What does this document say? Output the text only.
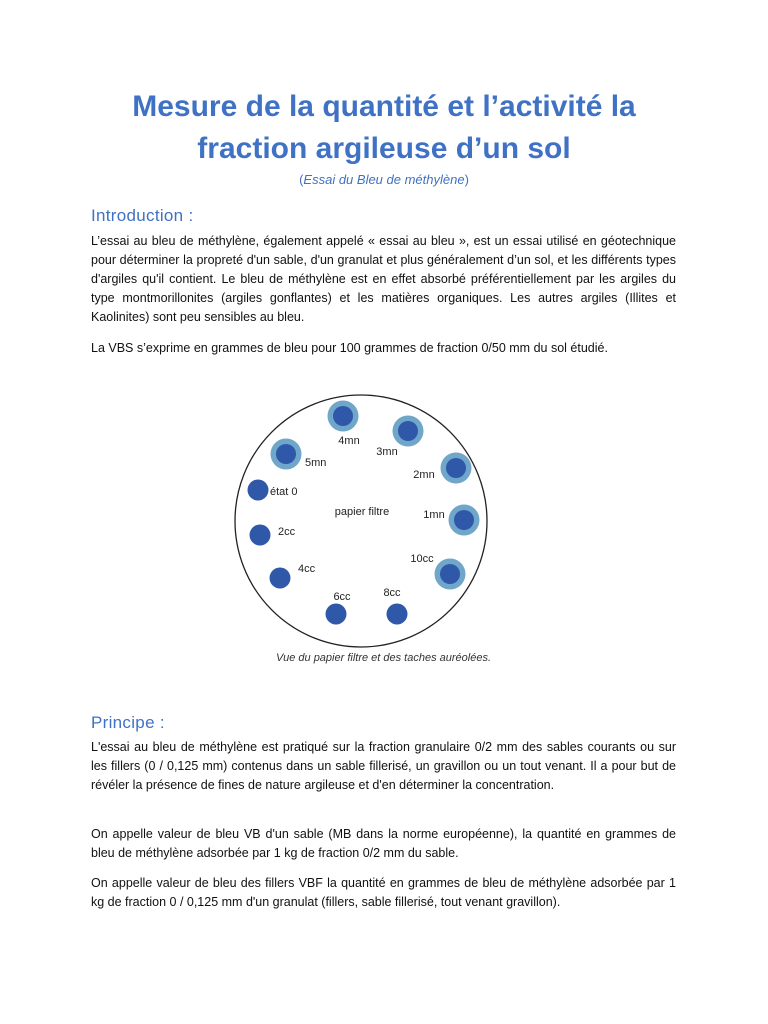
Mesure de la quantité et l’activité la
fraction argileuse d’un sol
(Essai du Bleu de méthylène)
Introduction :
L’essai au bleu de méthylène, également appelé « essai au bleu », est un essai utilisé en géotechnique pour déterminer la propreté d'un sable, d'un granulat et plus généralement d’un sol, et les différents types d'argiles qu'il contient. Le bleu de méthylène est en effet absorbé préférentiellement par les argiles du type montmorillonites (argiles gonflantes) et les matières organiques. Les autres argiles (Illites et Kaolinites) sont peu sensibles au bleu.
La VBS s’exprime en grammes de bleu pour 100 grammes de fraction 0/50 mm du sol étudié.
papier filtre
état 0
2cc
4cc
6cc	8cc
10cc
1mn
2mn
3mn
4mn
5mn
Vue du papier filtre et des taches auréolées.
Principe :
L'essai au bleu de méthylène est pratiqué sur la fraction granulaire 0/2 mm des sables courants ou sur les fillers (0 / 0,125 mm) contenus dans un sable fillerisé, un gravillon ou un tout venant. Il a pour but de révéler la présence de fines de nature argileuse et d'en déterminer la concentration.
On appelle valeur de bleu VB d'un sable (MB dans la norme européenne), la quantité en grammes de bleu de méthylène adsorbée par 1 kg de fraction 0/2 mm du sable.
On appelle valeur de bleu des fillers VBF la quantité en grammes de bleu de méthylène adsorbée par 1 kg de fraction 0 / 0,125 mm d'un granulat (fillers, sable fillerisé, tout venant gravillon).
